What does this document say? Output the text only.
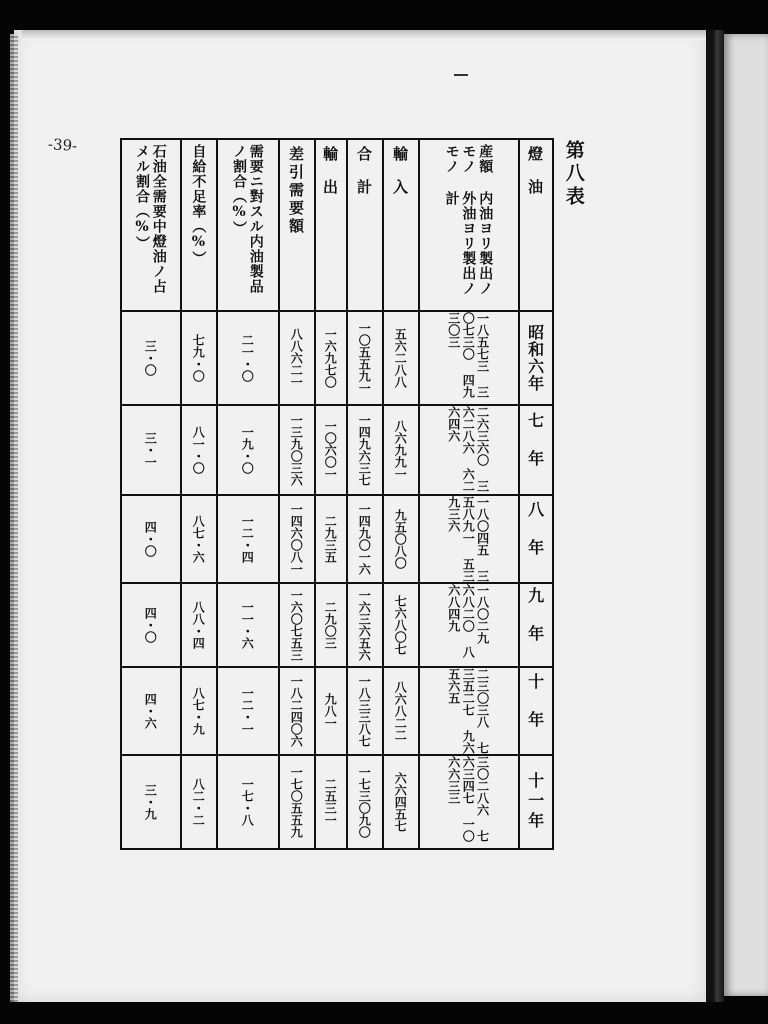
-39-	第八表
燈油
産額 内油ヨリ製出ノモノ 外油ヨリ製出ノモノ 計
輸入
合計
輸出
差引需要額
需要ニ對スル内油製品ノ割合（%）
自給不足率（%）
石油全需要中燈油ノ占メル割合（%）
昭和六年
一八五七三 三〇七三〇 四九三〇三
五六二八八
一〇五五九一
一六九七〇
八八六二一
二一・〇
七九・〇
三・〇
七年
二六三六〇 三六二八六 六二六四六
八六九九一
一四九六三七
一〇六〇一
一三九〇三六
一九・〇
八一・〇
三・一
八年
一八〇四五 三五八九一 五三九三六
九五〇八〇
一四九〇一六
二九三五
一四六〇八一
一二・四
八七・六
四・〇
九年
一八〇二九 六八二〇 八六八四九
七六八〇七
一六三六五六
二九〇三
一六〇七五三
一一・六
八八・四
四・〇
十年
二三〇三八 七三五二七 九六五六五
八六八二二
一八三三八七
九八一
一八二四〇六
一二・一
八七・九
四・六
十一年
三〇二八六 七六三四七 一〇六六三三
六六四五七
一七三〇九〇
二五三一
一七〇五五九
一七・八
八二・二
三・九
